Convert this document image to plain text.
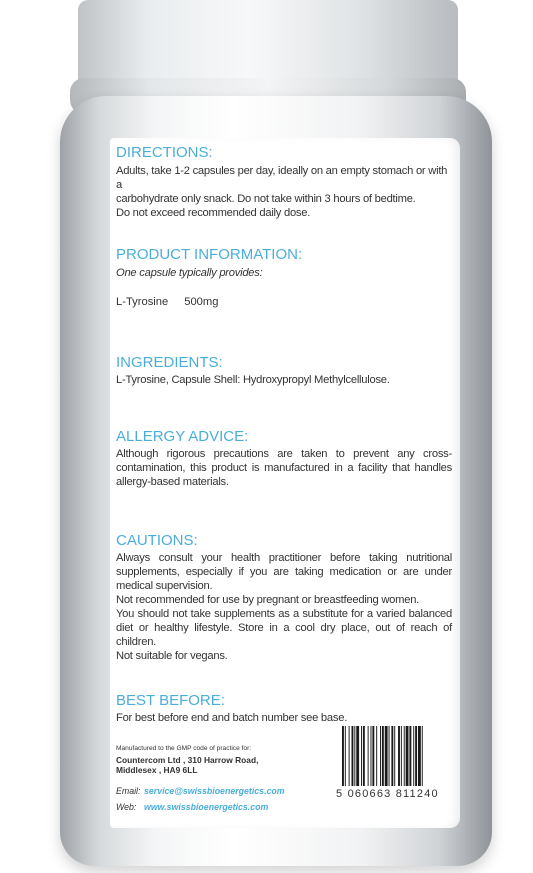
DIRECTIONS:
Adults, take 1-2 capsules per day, ideally on an empty stomach or with a
carbohydrate only snack. Do not take within 3 hours of bedtime.
Do not exceed recommended daily dose.
PRODUCT INFORMATION:
One capsule typically provides:
L-Tyrosine 500mg
INGREDIENTS:
L-Tyrosine, Capsule Shell: Hydroxypropyl Methylcellulose.
ALLERGY ADVICE:
Although rigorous precautions are taken to prevent any cross-contamination, this product is manufactured in a facility that handles allergy-based materials.
CAUTIONS:
Always consult your health practitioner before taking nutritional supplements, especially if you are taking medication or are under medical supervision.
Not recommended for use by pregnant or breastfeeding women.
You should not take supplements as a substitute for a varied balanced diet or healthy lifestyle. Store in a cool dry place, out of reach of children.
Not suitable for vegans.
BEST BEFORE:
For best before end and batch number see base.
Manufactured to the GMP code of practice for:
Countercom Ltd , 310 Harrow Road,
Middlesex , HA9 6LL
Email: service@swissbioenergetics.com
Web: www.swissbioenergetics.com
5 060663 811240
